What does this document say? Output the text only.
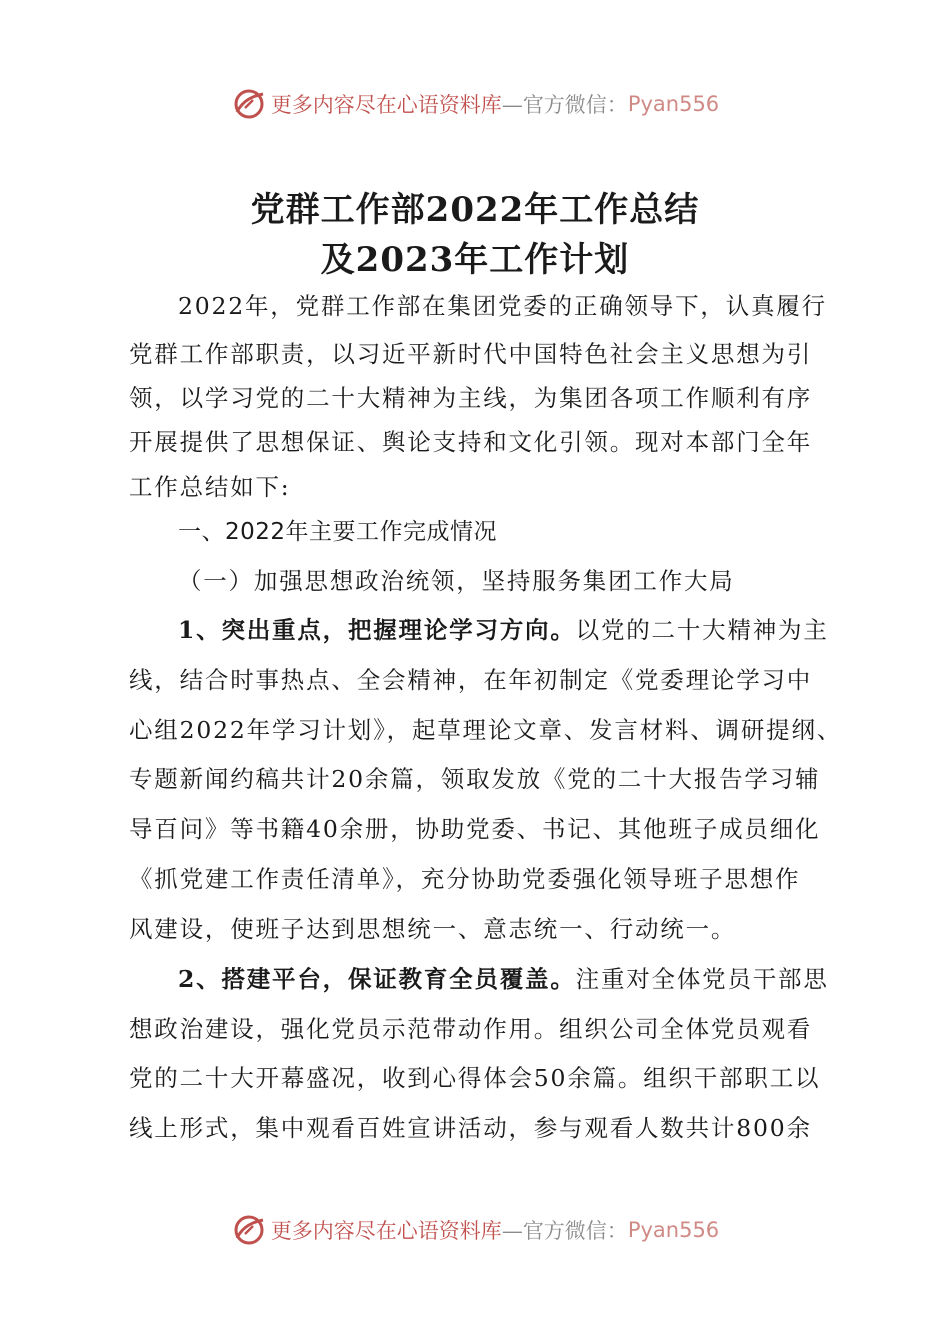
更多内容尽在心语资料库 —官方微信： Pyan556
党群工作部2022年工作总结
及2023年工作计划
2022年，党群工作部在集团党委的正确领导下，认真履行
党群工作部职责，以习近平新时代中国特色社会主义思想为引
领，以学习党的二十大精神为主线，为集团各项工作顺利有序
开展提供了思想保证、舆论支持和文化引领。现对本部门全年
工作总结如下:
一、2022年主要工作完成情况
（一）加强思想政治统领，坚持服务集团工作大局
1、突出重点，把握理论学习方向。以党的二十大精神为主
线，结合时事热点、全会精神，在年初制定《党委理论学习中
心组2022年学习计划》，起草理论文章、发言材料、调研提纲、
专题新闻约稿共计20余篇，领取发放《党的二十大报告学习辅
导百问》等书籍40余册，协助党委、书记、其他班子成员细化
《抓党建工作责任清单》，充分协助党委强化领导班子思想作
风建设，使班子达到思想统一、意志统一、行动统一。
2、搭建平台，保证教育全员覆盖。注重对全体党员干部思
想政治建设，强化党员示范带动作用。组织公司全体党员观看
党的二十大开幕盛况，收到心得体会50余篇。组织干部职工以
线上形式，集中观看百姓宣讲活动，参与观看人数共计800余
更多内容尽在心语资料库 —官方微信： Pyan556
